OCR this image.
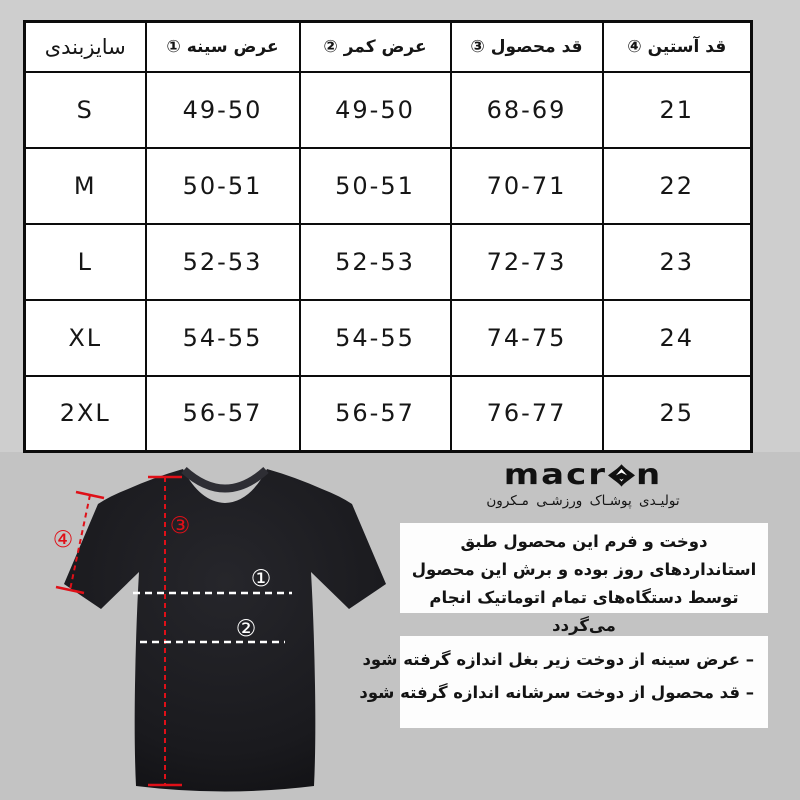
سایزبندی	عرض سینه ①	عرض کمر ②	قد محصول ③	قد آستین ④
S	49-50	49-50	68-69	21
M	50-51	50-51	70-71	22
L	52-53	52-53	72-73	23
XL	54-55	54-55	74-75	24
2XL	56-57	56-57	76-77	25
①
②
③
④
macr n
تولیـدی پوشـاک ورزشـی مـکرون
دوخت و فرم این محصول طبق استانداردهای روز بوده و برش این محصول توسط دستگاه‌های تمام اتوماتیک انجام می‌گردد
– عرض سینه از دوخت زیر بغل اندازه گرفته شود
– قد محصول از دوخت سرشانه اندازه گرفته شود
